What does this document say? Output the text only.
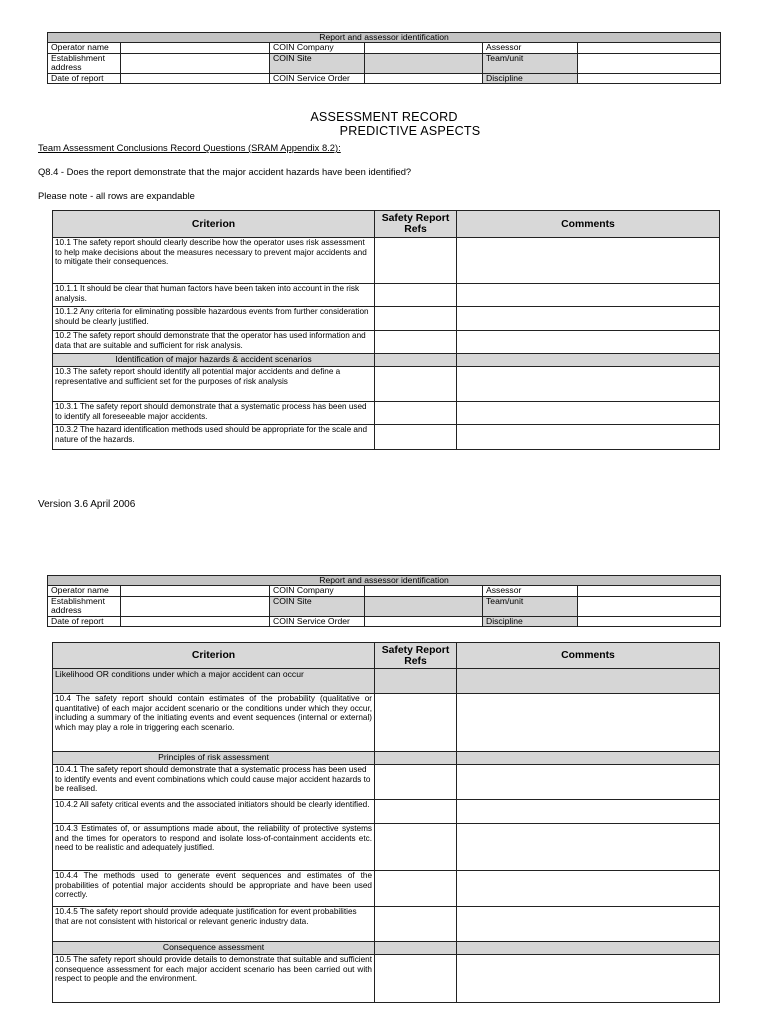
Report and assessor identification					
Operator name		COIN Company		Assessor	
Establishment address		COIN Site		Team/unit	
Date of report		COIN Service Order		Discipline	
ASSESSMENT RECORD
PREDICTIVE ASPECTS
Team Assessment Conclusions Record Questions (SRAM Appendix 8.2):
Q8.4 - Does the report demonstrate that the major accident hazards have been identified?
Please note - all rows are expandable
Criterion	Safety Report Refs	Comments
10.1 The safety report should clearly describe how the operator uses risk assessment to help make decisions about the measures necessary to prevent major accidents and to mitigate their consequences.		
10.1.1 It should be clear that human factors have been taken into account in the risk analysis.		
10.1.2 Any criteria for eliminating possible hazardous events from further consideration should be clearly justified.		
10.2 The safety report should demonstrate that the operator has used information and data that are suitable and sufficient for risk analysis.		
Identification of major hazards & accident scenarios		
10.3 The safety report should identify all potential major accidents and define a representative and sufficient set for the purposes of risk analysis		
10.3.1 The safety report should demonstrate that a systematic process has been used to identify all foreseeable major accidents.		
10.3.2 The hazard identification methods used should be appropriate for the scale and nature of the hazards.		
Version 3.6 April 2006
Report and assessor identification					
Operator name		COIN Company		Assessor	
Establishment address		COIN Site		Team/unit	
Date of report		COIN Service Order		Discipline	
Criterion	Safety Report Refs	Comments
Likelihood OR conditions under which a major accident can occur		
10.4 The safety report should contain estimates of the probability (qualitative or quantitative) of each major accident scenario or the conditions under which they occur, including a summary of the initiating events and event sequences (internal or external) which may play a role in triggering each scenario.		
Principles of risk assessment		
10.4.1 The safety report should demonstrate that a systematic process has been used to identify events and event combinations which could cause major accident hazards to be realised.		
10.4.2 All safety critical events and the associated initiators should be clearly identified.		
10.4.3 Estimates of, or assumptions made about, the reliability of protective systems and the times for operators to respond and isolate loss-of-containment accidents etc. need to be realistic and adequately justified.		
10.4.4 The methods used to generate event sequences and estimates of the probabilities of potential major accidents should be appropriate and have been used correctly.		
10.4.5 The safety report should provide adequate justification for event probabilities that are not consistent with historical or relevant generic industry data.		
Consequence assessment		
10.5 The safety report should provide details to demonstrate that suitable and sufficient consequence assessment for each major accident scenario has been carried out with respect to people and the environment.		
